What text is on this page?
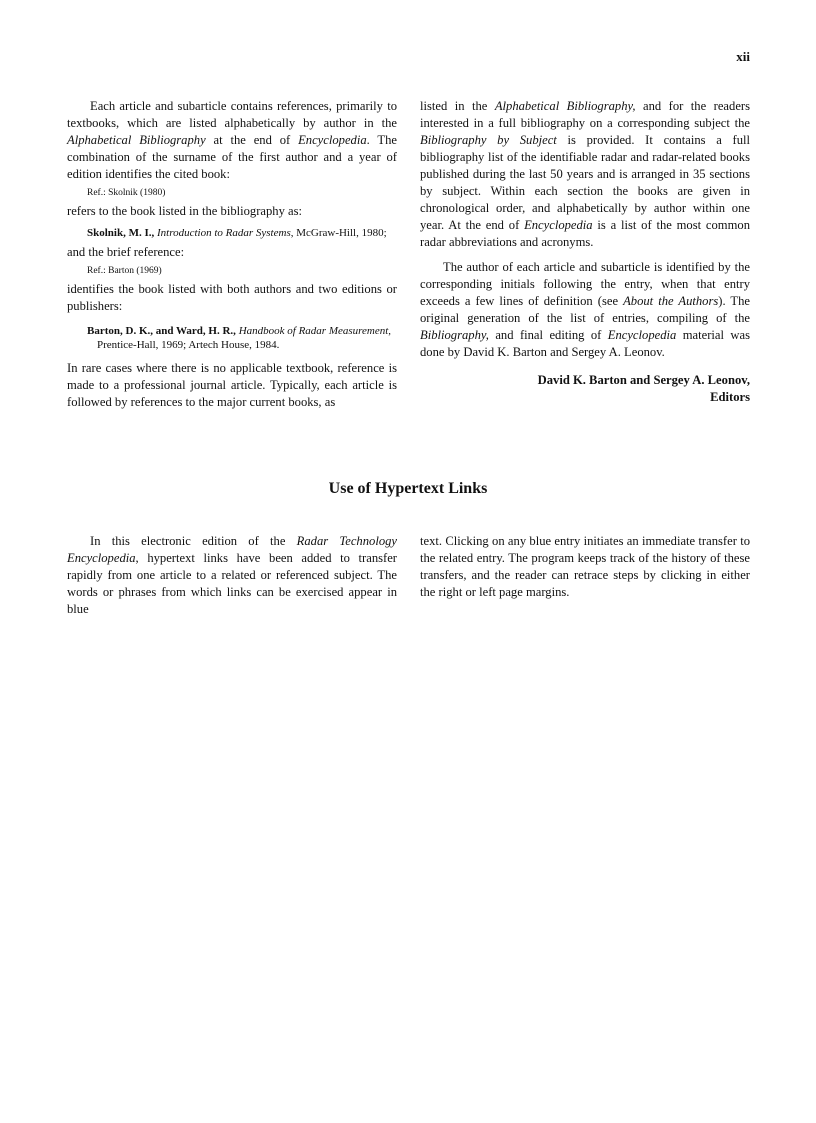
xii

Each article and subarticle contains references, primarily to textbooks, which are listed alphabetically by author in the Alphabetical Bibliography at the end of Encyclopedia. The combination of the surname of the first author and a year of edition identifies the cited book:

Ref.: Skolnik (1980)

refers to the book listed in the bibliography as:

Skolnik, M. I., Introduction to Radar Systems, McGraw-Hill, 1980;

and the brief reference:

Ref.: Barton (1969)

identifies the book listed with both authors and two editions or publishers:

Barton, D. K., and Ward, H. R., Handbook of Radar Measurement, Prentice-Hall, 1969; Artech House, 1984.

In rare cases where there is no applicable textbook, reference is made to a professional journal article. Typically, each article is followed by references to the major current books, as

listed in the Alphabetical Bibliography, and for the readers interested in a full bibliography on a corresponding subject the Bibliography by Subject is provided. It contains a full bibliography list of the identifiable radar and radar-related books published during the last 50 years and is arranged in 35 sections by subject. Within each section the books are given in chronological order, and alphabetically by author within one year. At the end of Encyclopedia is a list of the most common radar abbreviations and acronyms.

The author of each article and subarticle is identified by the corresponding initials following the entry, when that entry exceeds a few lines of definition (see About the Authors). The original generation of the list of entries, compiling of the Bibliography, and final editing of Encyclopedia material was done by David K. Barton and Sergey A. Leonov.

David K. Barton and Sergey A. Leonov,
Editors

Use of Hypertext Links

In this electronic edition of the Radar Technology Encyclopedia, hypertext links have been added to transfer rapidly from one article to a related or referenced subject. The words or phrases from which links can be exercised appear in blue

text. Clicking on any blue entry initiates an immediate transfer to the related entry. The program keeps track of the history of these transfers, and the reader can retrace steps by clicking in either the right or left page margins.
